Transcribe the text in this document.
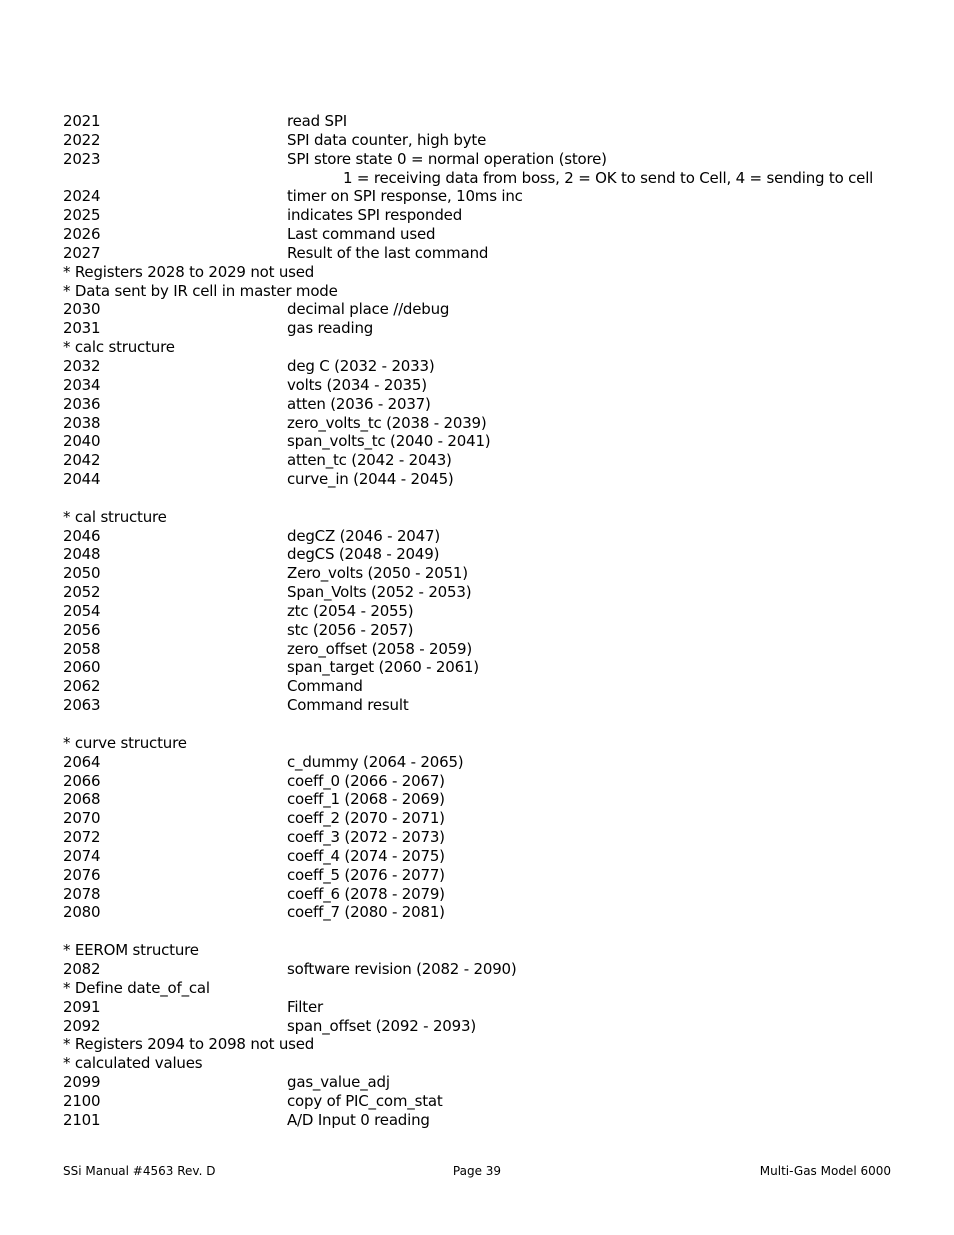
2021	read SPI
2022	SPI data counter, high byte
2023	SPI store state 0 = normal operation (store)
1 = receiving data from boss, 2 = OK to send to Cell, 4 = sending to cell
2024	timer on SPI response, 10ms inc
2025	indicates SPI responded
2026	Last command used
2027	Result of the last command
* Registers 2028 to 2029 not used
* Data sent by IR cell in master mode
2030	decimal place //debug
2031	gas reading
* calc structure
2032	deg C (2032 - 2033)
2034	volts (2034 - 2035)
2036	atten (2036 - 2037)
2038	zero_volts_tc (2038 - 2039)
2040	span_volts_tc (2040 - 2041)
2042	atten_tc (2042 - 2043)
2044	curve_in (2044 - 2045)
* cal structure
2046	degCZ (2046 - 2047)
2048	degCS (2048 - 2049)
2050	Zero_volts (2050 - 2051)
2052	Span_Volts (2052 - 2053)
2054	ztc (2054 - 2055)
2056	stc (2056 - 2057)
2058	zero_offset (2058 - 2059)
2060	span_target (2060 - 2061)
2062	Command
2063	Command result
* curve structure
2064	c_dummy (2064 - 2065)
2066	coeff_0 (2066 - 2067)
2068	coeff_1 (2068 - 2069)
2070	coeff_2 (2070 - 2071)
2072	coeff_3 (2072 - 2073)
2074	coeff_4 (2074 - 2075)
2076	coeff_5 (2076 - 2077)
2078	coeff_6 (2078 - 2079)
2080	coeff_7 (2080 - 2081)
* EEROM structure
2082	software revision (2082 - 2090)
* Define date_of_cal
2091	Filter
2092	span_offset (2092 - 2093)
* Registers 2094 to 2098 not used
* calculated values
2099	gas_value_adj
2100	copy of PIC_com_stat
2101	A/D Input 0 reading
SSi Manual #4563 Rev. D	Page 39	Multi-Gas Model 6000
